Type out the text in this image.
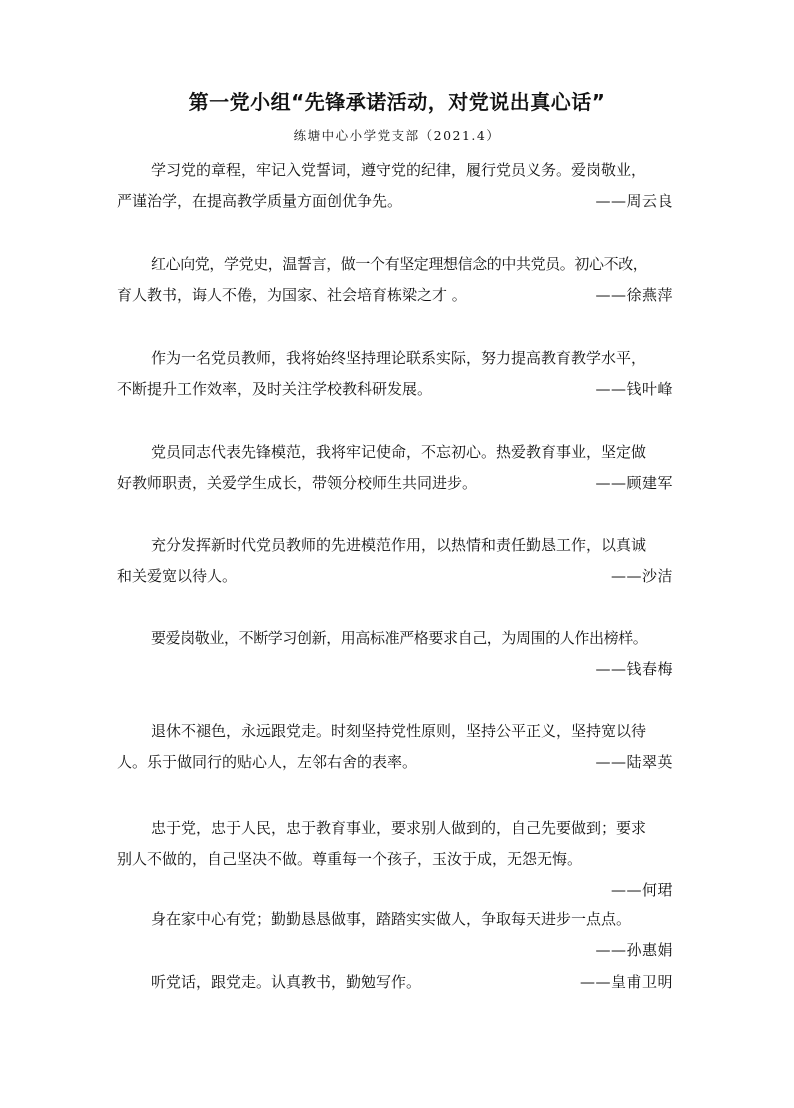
第一党小组“先锋承诺活动，对党说出真心话”
练塘中心小学党支部（2021.4）
学习党的章程，牢记入党誓词，遵守党的纪律，履行党员义务。爱岗敬业，
严谨治学，在提高教学质量方面创优争先。	——周云良
红心向党，学党史，温誓言，做一个有坚定理想信念的中共党员。初心不改，
育人教书，诲人不倦，为国家、社会培育栋梁之才 。	——徐燕萍
作为一名党员教师，我将始终坚持理论联系实际，努力提高教育教学水平，
不断提升工作效率，及时关注学校教科研发展。	——钱叶峰
党员同志代表先锋模范，我将牢记使命，不忘初心。热爱教育事业，坚定做
好教师职责，关爱学生成长，带领分校师生共同进步。	——顾建军
充分发挥新时代党员教师的先进模范作用，以热情和责任勤恳工作，以真诚
和关爱宽以待人。	——沙洁
要爱岗敬业，不断学习创新，用高标准严格要求自己，为周围的人作出榜样。
——钱春梅
退休不褪色，永远跟党走。时刻坚持党性原则，坚持公平正义，坚持宽以待
人。乐于做同行的贴心人，左邻右舍的表率。	——陆翠英
忠于党，忠于人民，忠于教育事业，要求别人做到的，自己先要做到；要求
别人不做的，自己坚决不做。尊重每一个孩子，玉汝于成，无怨无悔。
——何珺
身在家中心有党；勤勤恳恳做事，踏踏实实做人，争取每天进步一点点。
——孙惠娟
听党话，跟党走。认真教书，勤勉写作。	——皇甫卫明
